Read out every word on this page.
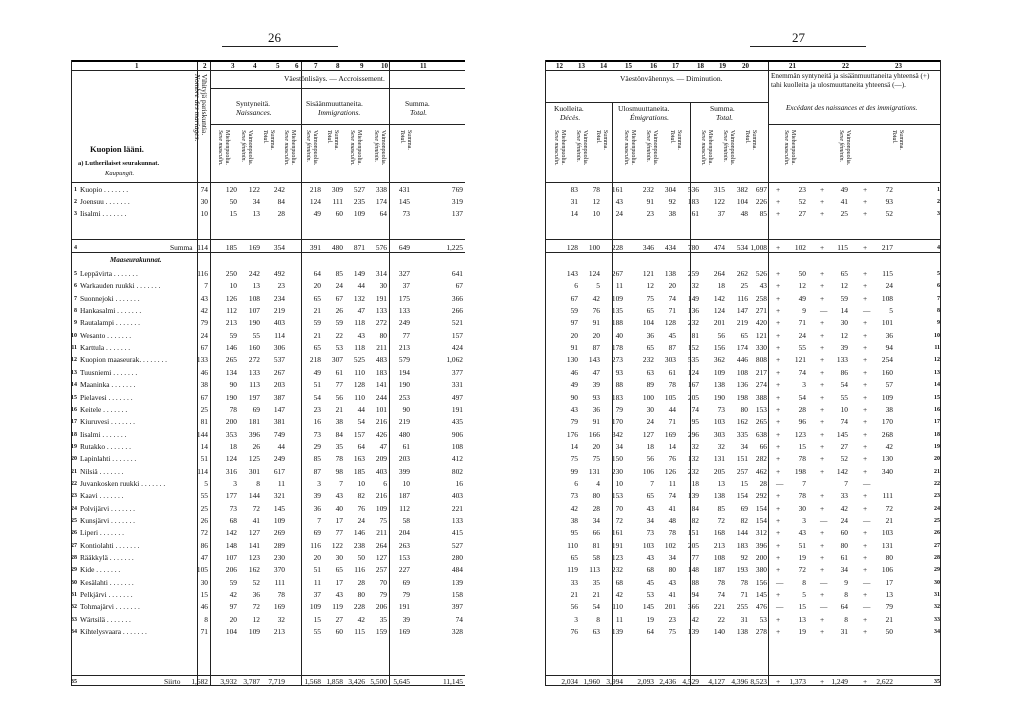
26	27
1	2	3	4	5 6 7	8	9	10	11	12 13 14	15	16 17	18 19 20	21	22	23
Kuopion lääni.
a) Lutherilaiset seurakunnat.
Kaupungit.
Vihityjä pariskuntia.
Nombre des mariages.	Väestönlisäys. — Accroissement.
Syntyneitä.
Naissances.
Sisäänmuuttaneita.
Immigrations.
Summa.
Total.
Miehenpuolia.
Sexe masculin.	Vaimonpuolia.
Sexe féminin.	Summa.
Total.	Miehenpuolia.
Sexe masculin.	Vaimonpuolia.
Sexe féminin.	Summa.
Total.	Miehenpuolia.
Sexe masculin.	Vaimonpuolia.
Sexe féminin.	Summa.
Total.
Väestönvähennys. — Diminution.
Kuolleita.
Décès.
Ulosmuuttaneita.
Émigrations.
Summa.
Total.
Enemmän syntyneitä ja sisäänmuuttaneita yhteensä (+) tahi kuolleita ja ulosmuuttaneita yhteensä (—).
Excédant des naissances et des immigrations.
Miehenpuolia.
Sexe masculin.	Vaimonpuolia.
Sexe féminin.	Summa.
Total.	Miehenpuolia.
Sexe masculin.	Vaimonpuolia.
Sexe féminin.	Summa.
Total.	Miehenpuolia.
Sexe masculin.	Vaimonpuolia.
Sexe féminin.	Summa.
Total.	Miehenpuolia.
Sexe masculin.	Vaimonpuolia.
Sexe féminin.	Summa.
Total.
Maaseurakunnat.
1 Kuopio . . . . . . .	74	120	122	242	218	309	527	338	431	769	83	78	161	232	304	536	315	382	697 +	23 +	49 +	72	1
2 Joensuu . . . . . . .	30	50	34	84	124	111	235	174	145	319	31	12	43	91	92	183	122	104	226 +	52 +	41 +	93	2
3 Iisalmi . . . . . . .	10	15	13	28	49	60	109	64	73	137	14	10	24	23	38	61	37	48	85 +	27 +	25 +	52	3
4	Summa 114	185	169	354	391	480	871	576	649	1,225	128	100	228	346	434	780	474	534 1,008 +	102 +	115 +	217	4
5 Leppävirta . . . . . . .	116	250	242	492	64	85	149	314	327	641	143	124	267	121	138	259	264	262	526 +	50 +	65 +	115	5
6 Warkauden ruukki . . . . . . .	7	10	13	23	20	24	44	30	37	67	6	5	11	12	20	32	18	25	43 +	12 +	12 +	24	6
7 Suonnejoki . . . . . . .	43	126	108	234	65	67	132	191	175	366	67	42	109	75	74	149	142	116	258 +	49 +	59 +	108	7
8 Hankasalmi . . . . . . .	42	112	107	219	21	26	47	133	133	266	59	76	135	65	71	136	124	147	271 +	9 —	14 —	5	8
9 Rautalampi . . . . . . .	79	213	190	403	59	59	118	272	249	521	97	91	188	104	128	232	201	219	420 +	71 +	30 +	101	9
10 Wesanto . . . . . . .	24	59	55	114	21	22	43	80	77	157	20	20	40	36	45	81	56	65	121 +	24 +	12 +	36	10
11 Karttula . . . . . . .	67	146	160	306	65	53	118	211	213	424	91	87	178	65	87	152	156	174	330 +	55 +	39 +	94	11
12 Kuopion maaseurak. . . . . . . .	133	265	272	537	218	307	525	483	579	1,062	130	143	273	232	303	535	362	446	808 +	121 +	133 +	254	12
13 Tuusniemi . . . . . . .	46	134	133	267	49	61	110	183	194	377	46	47	93	63	61	124	109	108	217 +	74 +	86 +	160	13
14 Maaninka . . . . . . .	38	90	113	203	51	77	128	141	190	331	49	39	88	89	78	167	138	136	274 +	3 +	54 +	57	14
15 Pielavesi . . . . . . .	67	190	197	387	54	56	110	244	253	497	90	93	183	100	105	205	190	198	388 +	54 +	55 +	109	15
16 Keitele . . . . . . .	25	78	69	147	23	21	44	101	90	191	43	36	79	30	44	74	73	80	153 +	28 +	10 +	38	16
17 Kiuruvesi . . . . . . .	81	200	181	381	16	38	54	216	219	435	79	91	170	24	71	95	103	162	265 +	96 +	74 +	170	17
18 Iisalmi . . . . . . .	144	353	396	749	73	84	157	426	480	906	176	166	342	127	169	296	303	335	638 +	123 +	145 +	268	18
19 Rutakko . . . . . . .	14	18	26	44	29	35	64	47	61	108	14	20	34	18	14	32	32	34	66 +	15 +	27 +	42	19
20 Lapinlahti . . . . . . .	51	124	125	249	85	78	163	209	203	412	75	75	150	56	76	132	131	151	282 +	78 +	52 +	130	20
21 Nilsiä . . . . . . .	114	316	301	617	87	98	185	403	399	802	99	131	230	106	126	232	205	257	462 +	198 +	142 +	340	21
22 Juvankosken ruukki . . . . . . .	5	3	8	11	3	7	10	6	10	16	6	4	10	7	11	18	13	15	28 —	7	7 —	22
23 Kaavi . . . . . . .	55	177	144	321	39	43	82	216	187	403	73	80	153	65	74	139	138	154	292 +	78 +	33 +	111	23
24 Polvijärvi . . . . . . .	25	73	72	145	36	40	76	109	112	221	42	28	70	43	41	84	85	69	154 +	30 +	42 +	72	24
25 Kunsjärvi . . . . . . .	26	68	41	109	7	17	24	75	58	133	38	34	72	34	48	82	72	82	154 +	3 —	24 —	21	25
26 Liperi . . . . . . .	72	142	127	269	69	77	146	211	204	415	95	66	161	73	78	151	168	144	312 +	43 +	60 +	103	26
27 Kontiolahti . . . . . . .	86	148	141	289	116	122	238	264	263	527	110	81	191	103	102	205	213	183	396 +	51 +	80 +	131	27
28 Rääkkylä . . . . . . .	47	107	123	230	20	30	50	127	153	280	65	58	123	43	34	77	108	92	200 +	19 +	61 +	80	28
29 Kide . . . . . . .	105	206	162	370	51	65	116	257	227	484	119	113	232	68	80	148	187	193	380 +	72 +	34 +	106	29
30 Kesälahti . . . . . . .	30	59	52	111	11	17	28	70	69	139	33	35	68	45	43	88	78	78	156 —	8 —	9 —	17	30
31 Pelkjärvi . . . . . . .	15	42	36	78	37	43	80	79	79	158	21	21	42	53	41	94	74	71	145 +	5 +	8 +	13	31
32 Tohmajärvi . . . . . . .	46	97	72	169	109	119	228	206	191	397	56	54	110	145	201	366	221	255	476 —	15 —	64 —	79	32
33 Wärtsilä . . . . . . .	8	20	12	32	15	27	42	35	39	74	3	8	11	19	23	42	22	31	53 +	13 +	8 +	21	33
34 Kihtelysvaara . . . . . . .	71	104	109	213	55	60	115	159	169	328	76	63	139	64	75	139	140	138	278 +	19 +	31 +	50	34
35	Siirto	1,682	3,932 3,787	7,719	1,568 1,858 3,426 5,500 5,645	11,145	2,034 1,960 3,994	2,093 2,436 4,529	4,127 4,396 8,523 +	1,373 + 1,249 +	2,622	35
